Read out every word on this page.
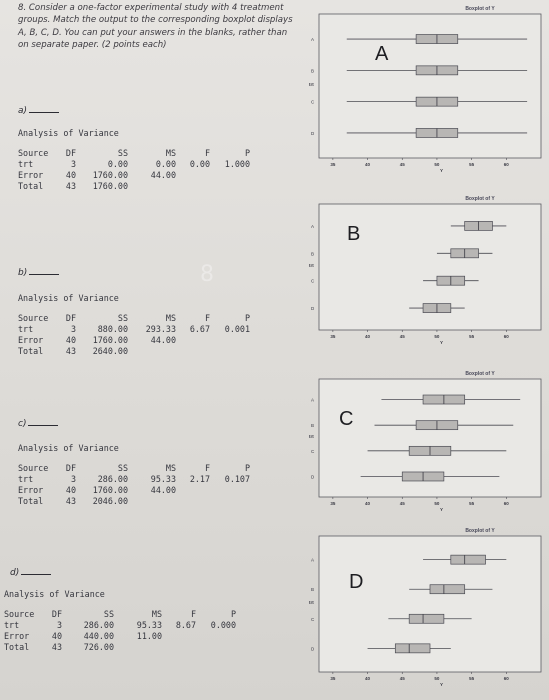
8. Consider a one-factor experimental study with 4 treatment groups. Match the output to the corresponding boxplot displays A, B, C, D. You can put your answers in the blanks, rather than on separate paper. (2 points each)

a)
Analysis of Variance
Source	DF	SS	MS	F	P
trt	3	0.00	0.00	0.00	1.000
Error	40	1760.00	44.00		
Total	43	1760.00			
b)	8
Analysis of Variance
Source	DF	SS	MS	F	P
trt	3	880.00	293.33	6.67	0.001
Error	40	1760.00	44.00		
Total	43	2640.00			
c)
Analysis of Variance
Source	DF	SS	MS	F	P
trt	3	286.00	95.33	2.17	0.107
Error	40	1760.00	44.00		
Total	43	2046.00			
d)
Analysis of Variance
Source	DF	SS	MS	F	P
trt	3	286.00	95.33	8.67	0.000
Error	40	440.00	11.00		
Total	43	726.00			
Boxplot of Y
A
trt
A
B
C
D
35	40	45	50	55	60
Y
Boxplot of Y
B
trt
A
B
C
D
35	40	45	50	55	60
Y
Boxplot of Y
C
trt
A
B
C
D
35	40	45	50	55	60
Y
Boxplot of Y
D
trt
A
B
C
D
35	40	45	50	55	60
Y
